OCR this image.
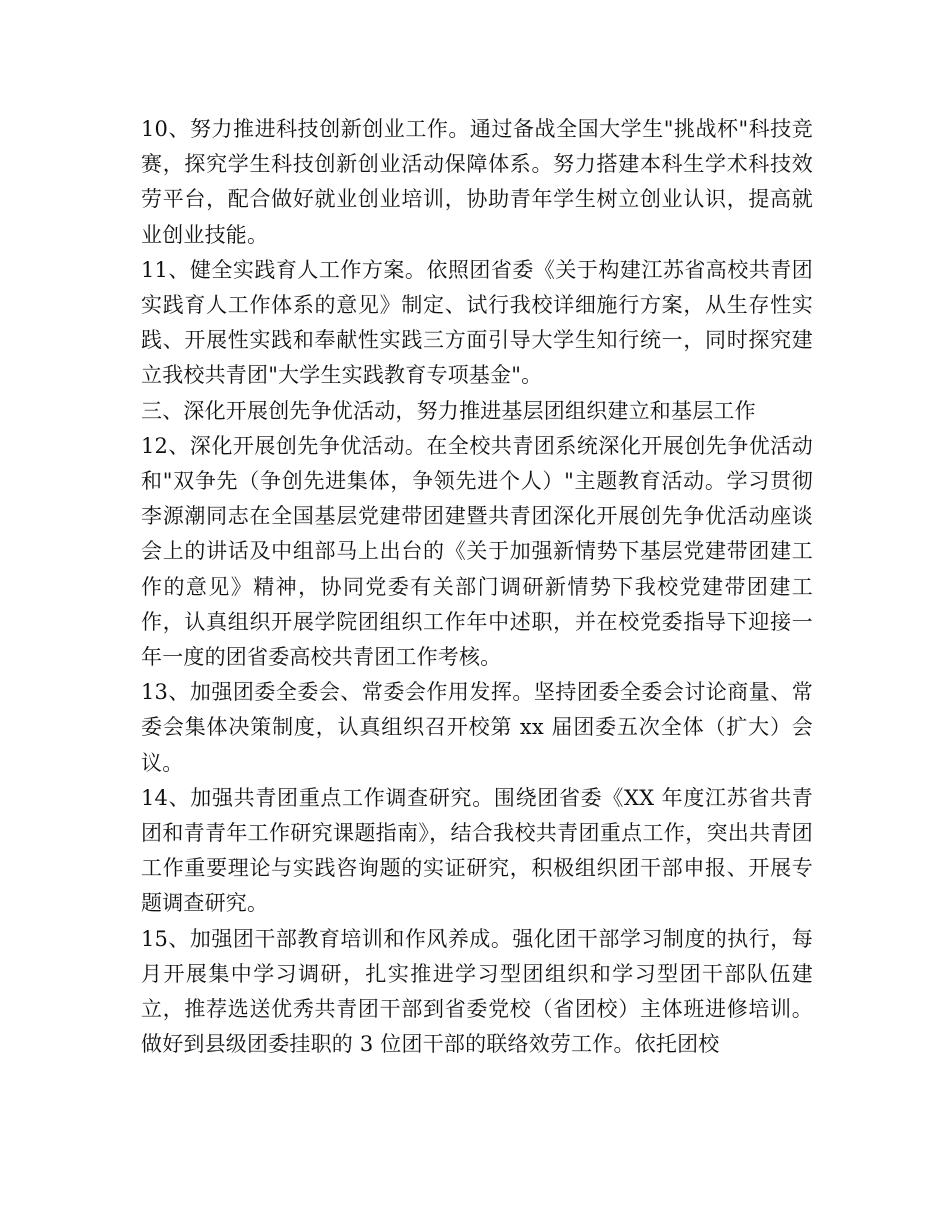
10、努力推进科技创新创业工作。通过备战全国大学生"挑战杯"科技竞赛，探究学生科技创新创业活动保障体系。努力搭建本科生学术科技效劳平台，配合做好就业创业培训，协助青年学生树立创业认识，提高就业创业技能。

11、健全实践育人工作方案。依照团省委《关于构建江苏省高校共青团实践育人工作体系的意见》制定、试行我校详细施行方案，从生存性实践、开展性实践和奉献性实践三方面引导大学生知行统一，同时探究建立我校共青团"大学生实践教育专项基金"。

三、深化开展创先争优活动，努力推进基层团组织建立和基层工作

12、深化开展创先争优活动。在全校共青团系统深化开展创先争优活动和"双争先（争创先进集体，争领先进个人）"主题教育活动。学习贯彻李源潮同志在全国基层党建带团建暨共青团深化开展创先争优活动座谈会上的讲话及中组部马上出台的《关于加强新情势下基层党建带团建工作的意见》精神，协同党委有关部门调研新情势下我校党建带团建工作，认真组织开展学院团组织工作年中述职，并在校党委指导下迎接一年一度的团省委高校共青团工作考核。

13、加强团委全委会、常委会作用发挥。坚持团委全委会讨论商量、常委会集体决策制度，认真组织召开校第 xx 届团委五次全体（扩大）会议。

14、加强共青团重点工作调查研究。围绕团省委《XX 年度江苏省共青团和青青年工作研究课题指南》，结合我校共青团重点工作，突出共青团工作重要理论与实践咨询题的实证研究，积极组织团干部申报、开展专题调查研究。

15、加强团干部教育培训和作风养成。强化团干部学习制度的执行，每月开展集中学习调研，扎实推进学习型团组织和学习型团干部队伍建立，推荐选送优秀共青团干部到省委党校（省团校）主体班进修培训。做好到县级团委挂职的 3 位团干部的联络效劳工作。依托团校
